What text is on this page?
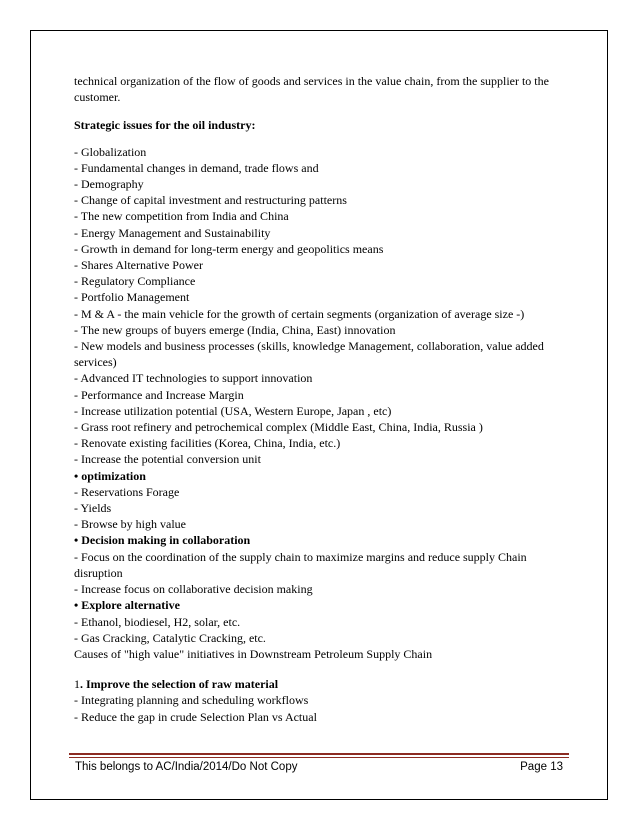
technical organization of the flow of goods and services in the value chain, from the supplier to the customer.

Strategic issues for the oil industry:

- Globalization
- Fundamental changes in demand, trade flows and
- Demography
- Change of capital investment and restructuring patterns
- The new competition from India and China
- Energy Management and Sustainability
- Growth in demand for long-term energy and geopolitics means
- Shares Alternative Power
- Regulatory Compliance
- Portfolio Management
- M & A - the main vehicle for the growth of certain segments (organization of average size -)
- The new groups of buyers emerge (India, China, East) innovation
- New models and business processes (skills, knowledge Management, collaboration, value added services)
- Advanced IT technologies to support innovation
- Performance and Increase Margin
- Increase utilization potential (USA, Western Europe, Japan , etc)
- Grass root refinery and petrochemical complex (Middle East, China, India, Russia )
- Renovate existing facilities (Korea, China, India, etc.)
- Increase the potential conversion unit
• optimization
- Reservations Forage
- Yields
- Browse by high value
• Decision making in collaboration
- Focus on the coordination of the supply chain to maximize margins and reduce supply Chain disruption
- Increase focus on collaborative decision making
• Explore alternative
- Ethanol, biodiesel, H2, solar, etc.
- Gas Cracking, Catalytic Cracking, etc.
Causes of "high value" initiatives in Downstream Petroleum Supply Chain

1. Improve the selection of raw material

- Integrating planning and scheduling workflows
- Reduce the gap in crude Selection Plan vs Actual
This belongs to AC/India/2014/Do Not Copy	Page 13
